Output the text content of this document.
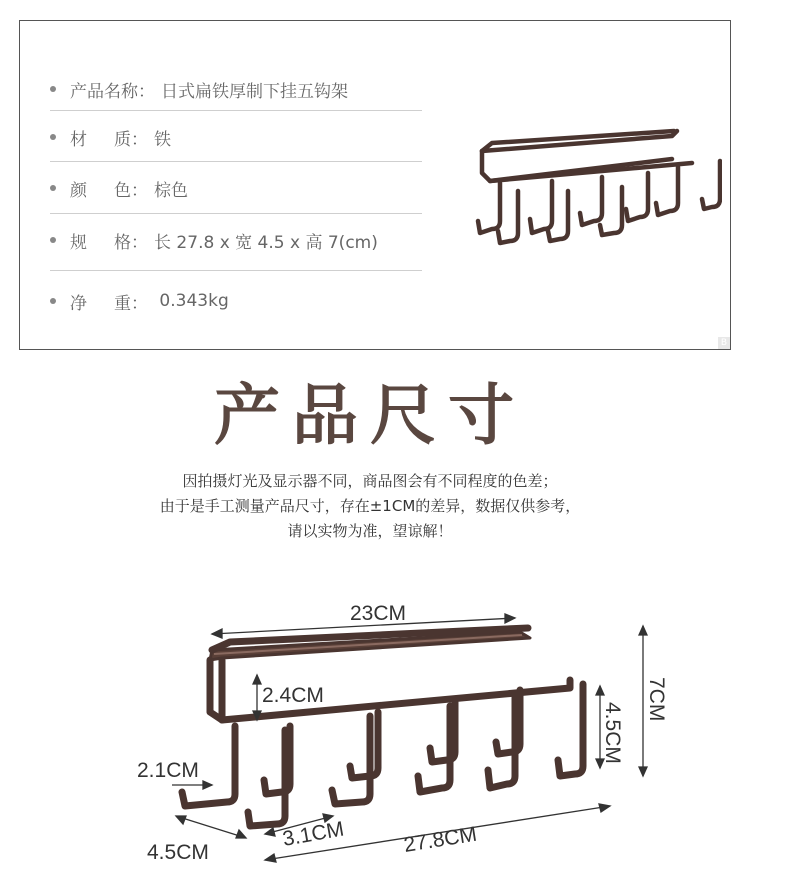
产品名称： 日式扁铁厚制下挂五钩架
材     质： 铁
颜     色： 棕色
规     格： 长 27.8 x 宽 4.5 x 高 7(cm)
净     重： 0.343kg
B
产品尺寸
因拍摄灯光及显示器不同，商品图会有不同程度的色差；
由于是手工测量产品尺寸，存在±1CM的差异，数据仅供参考，
请以实物为准，望谅解！
23CM
2.4CM	7CM
4.5CM
2.1CM
4.5CM
3.1CM	27.8CM
